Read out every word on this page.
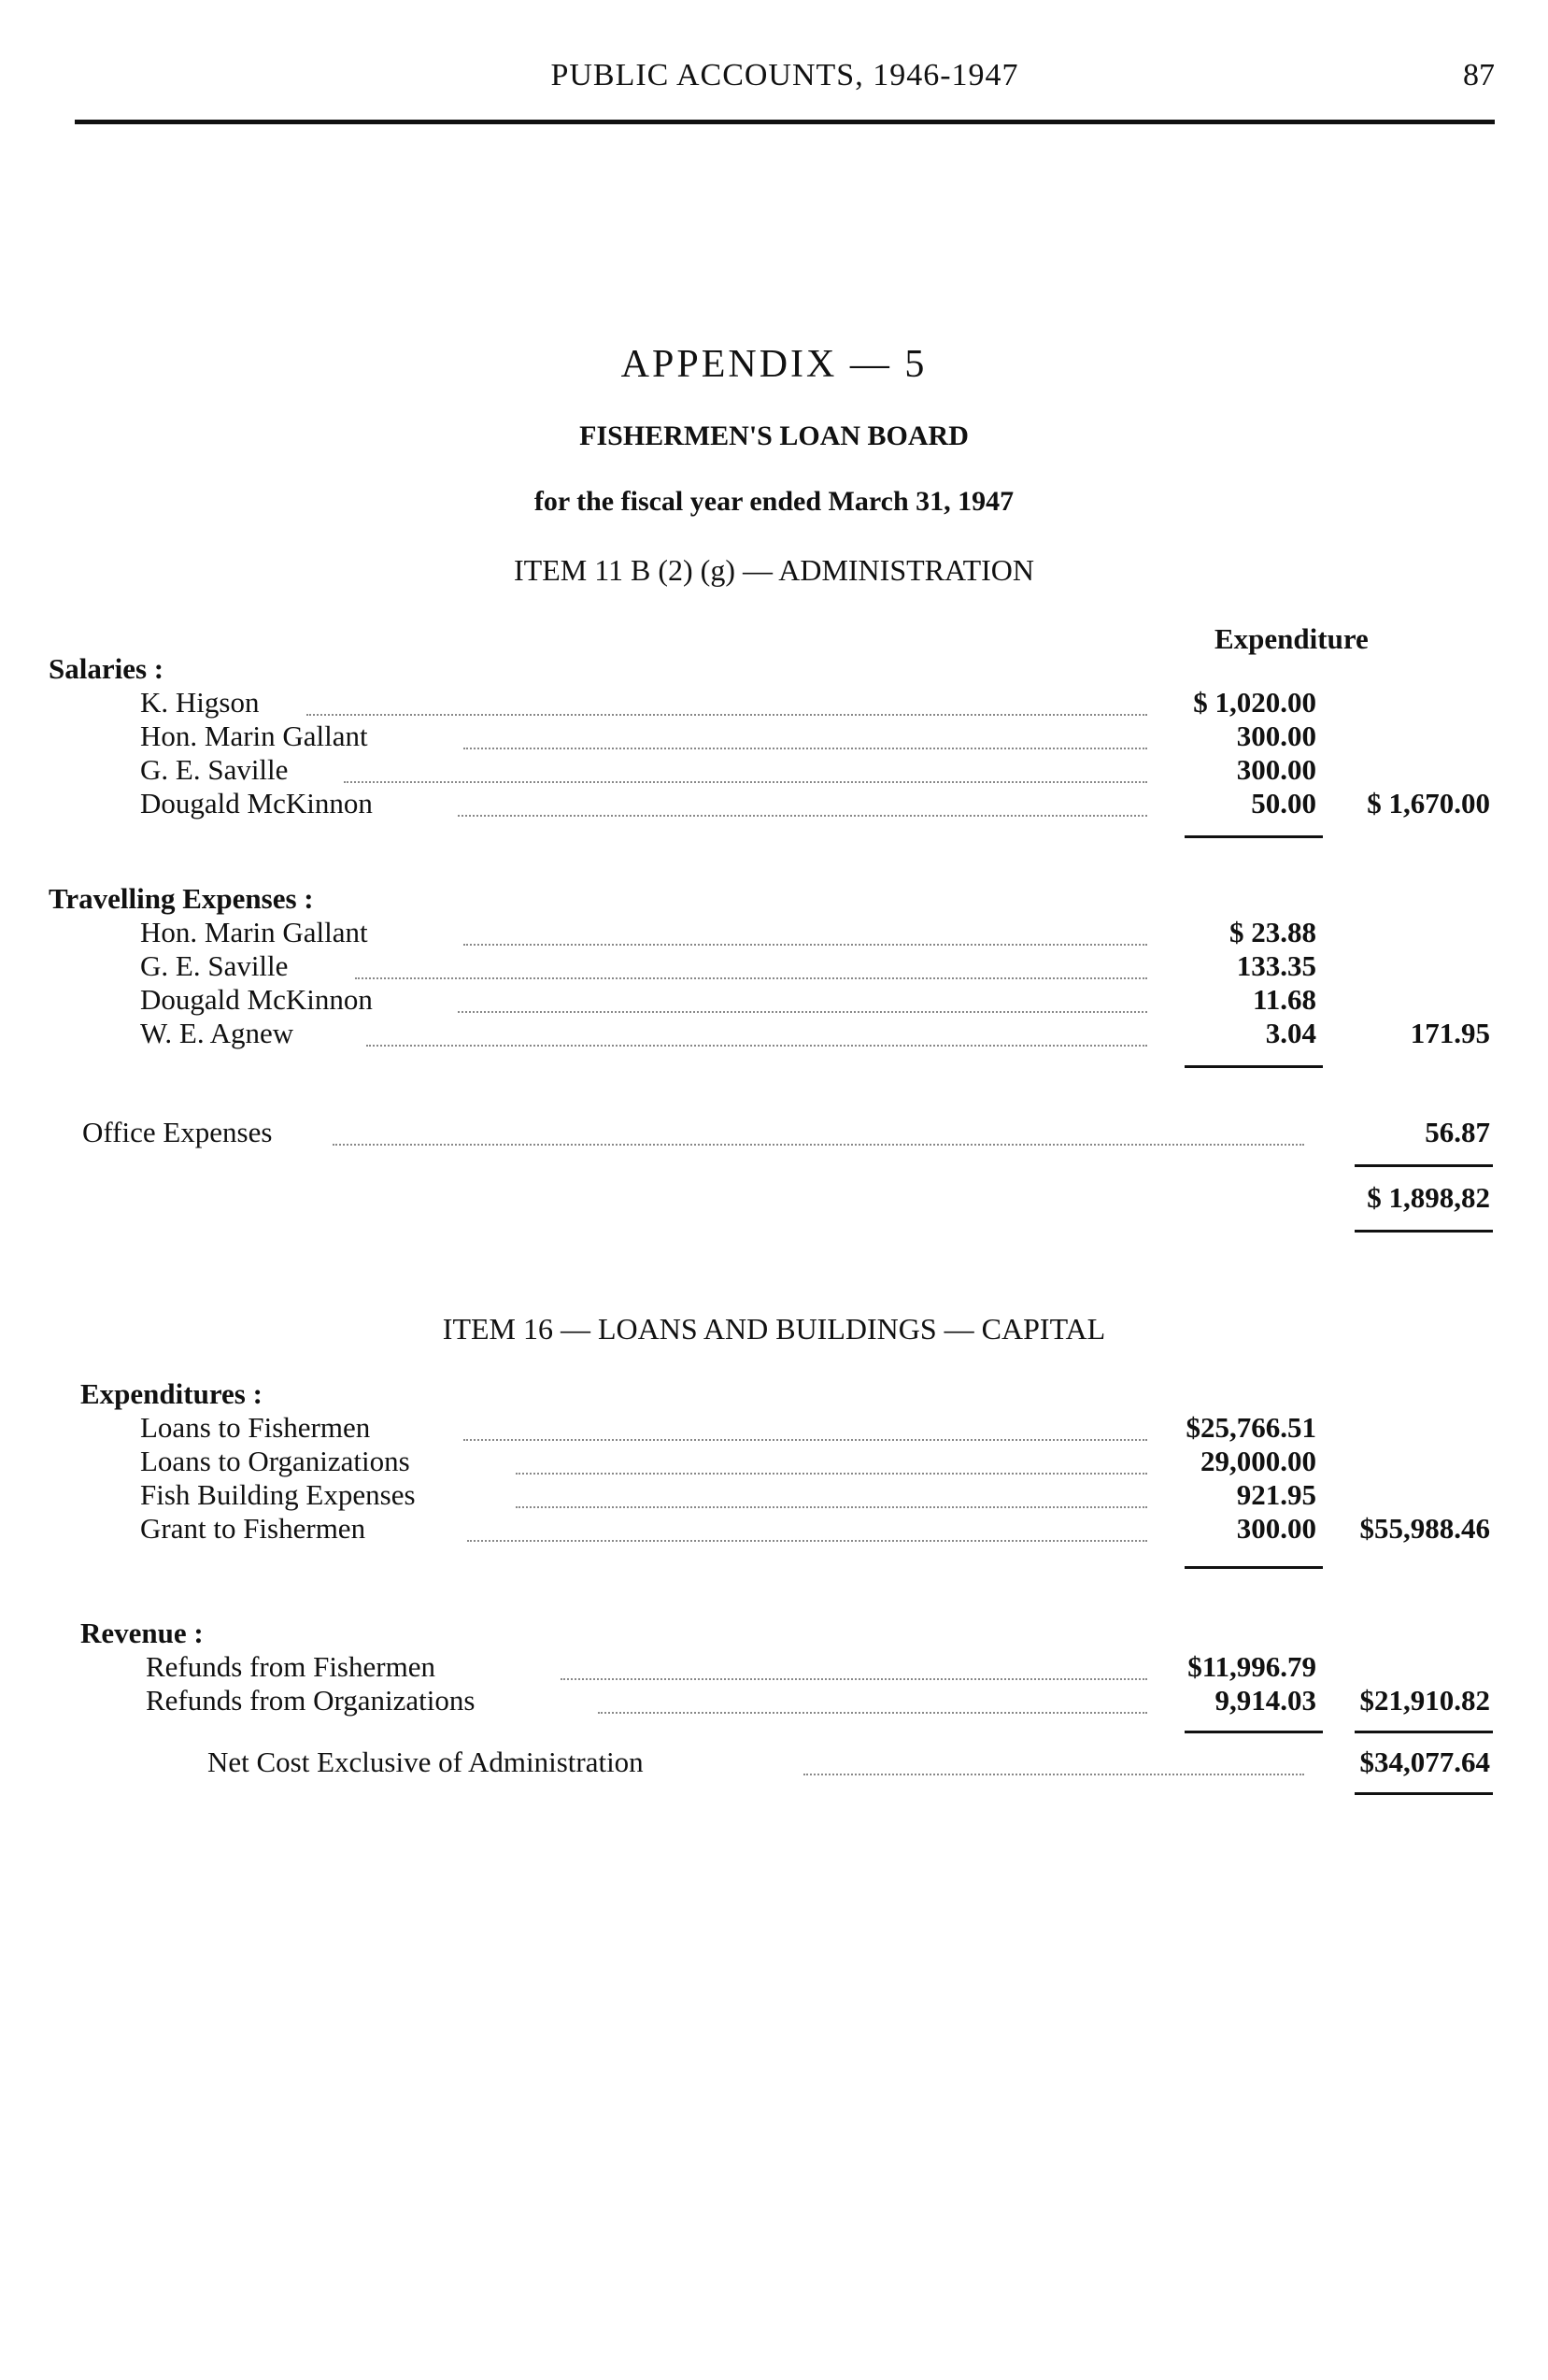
PUBLIC ACCOUNTS, 1946-1947	87
APPENDIX — 5
FISHERMEN'S LOAN BOARD
for the fiscal year ended March 31, 1947
ITEM 11 B (2) (g) — ADMINISTRATION
Expenditure
Salaries :
K. Higson	$ 1,020.00
Hon. Marin Gallant	300.00
G. E. Saville	300.00
Dougald McKinnon	50.00 $ 1,670.00
Travelling Expenses :
Hon. Marin Gallant	$ 23.88
G. E. Saville	133.35
Dougald McKinnon	11.68
W. E. Agnew	3.04	171.95
Office Expenses	56.87
$ 1,898,82
ITEM 16 — LOANS AND BUILDINGS — CAPITAL
Expenditures :
Loans to Fishermen	$25,766.51
Loans to Organizations	29,000.00
Fish Building Expenses	921.95
Grant to Fishermen	300.00 $55,988.46
Revenue :
Refunds from Fishermen	$11,996.79
Refunds from Organizations	9,914.03 $21,910.82
Net Cost Exclusive of Administration	$34,077.64
